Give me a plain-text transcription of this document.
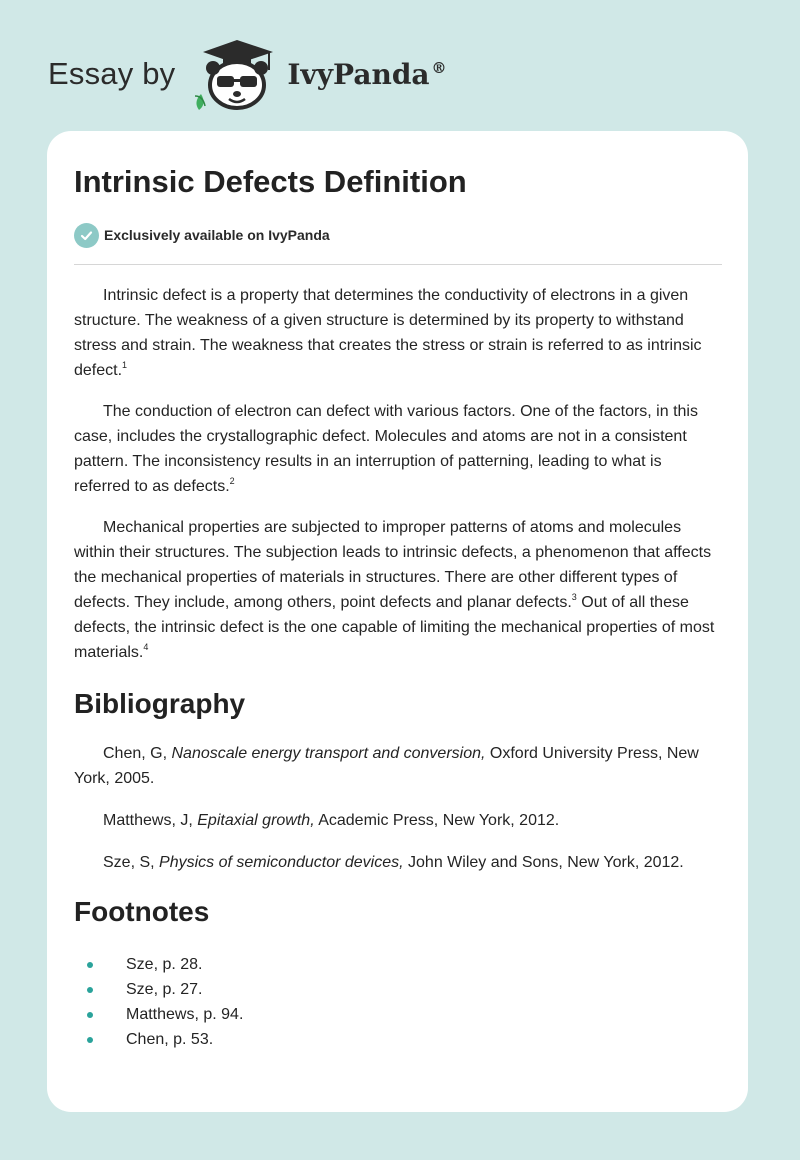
Essay by	IvyPanda ®
Intrinsic Defects Definition
Exclusively available on IvyPanda

Intrinsic defect is a property that determines the conductivity of electrons in a given structure. The weakness of a given structure is determined by its property to withstand stress and strain. The weakness that creates the stress or strain is referred to as intrinsic defect.$^1$

The conduction of electron can defect with various factors. One of the factors, in this case, includes the crystallographic defect. Molecules and atoms are not in a consistent pattern. The inconsistency results in an interruption of patterning, leading to what is referred to as defects.$^2$

Mechanical properties are subjected to improper patterns of atoms and molecules within their structures. The subjection leads to intrinsic defects, a phenomenon that affects the mechanical properties of materials in structures. There are other different types of defects. They include, among others, point defects and planar defects.$^3$ Out of all these defects, the intrinsic defect is the one capable of limiting the mechanical properties of most materials.$^4$

Bibliography

Chen, G, Nanoscale energy transport and conversion, Oxford University Press, New York, 2005.

Matthews, J, Epitaxial growth, Academic Press, New York, 2012.

Sze, S, Physics of semiconductor devices, John Wiley and Sons, New York, 2012.

Footnotes
Sze, p. 28.
Sze, p. 27.
Matthews, p. 94.
Chen, p. 53.
